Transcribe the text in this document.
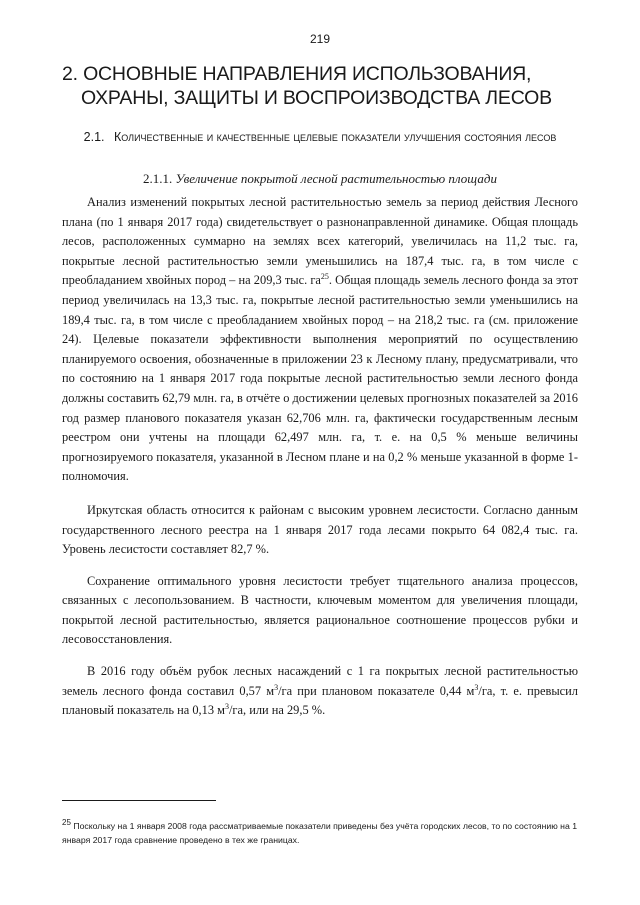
219
2. ОСНОВНЫЕ НАПРАВЛЕНИЯ ИСПОЛЬЗОВАНИЯ,
ОХРАНЫ, ЗАЩИТЫ И ВОСПРОИЗВОДСТВА ЛЕСОВ
2.1. Количественные и качественные целевые показатели улучшения состояния лесов
2.1.1. Увеличение покрытой лесной растительностью площади

Анализ изменений покрытых лесной растительностью земель за период действия Лесного плана (по 1 января 2017 года) свидетельствует о разнонаправленной динамике. Общая площадь лесов, расположенных суммарно на землях всех категорий, увеличилась на 11,2 тыс. га, покрытые лесной растительностью земли уменьшились на 187,4 тыс. га, в том числе с преобладанием хвойных пород – на 209,3 тыс. $га^{25}$. Общая площадь земель лесного фонда за этот период увеличилась на 13,3 тыс. га, покрытые лесной растительностью земли уменьшились на 189,4 тыс. га, в том числе с преобладанием хвойных пород – на 218,2 тыс. га (см. приложение 24). Целевые показатели эффективности выполнения мероприятий по осуществлению планируемого освоения, обозначенные в приложении 23 к Лесному плану, предусматривали, что по состоянию на 1 января 2017 года покрытые лесной растительностью земли лесного фонда должны составить 62,79 млн. га, в отчёте о достижении целевых прогнозных показателей за 2016 год размер планового показателя указан 62,706 млн. га, фактически государственным лесным реестром они учтены на площади 62,497 млн. га, т. е. на 0,5 % меньше величины прогнозируемого показателя, указанной в Лесном плане и на 0,2 % меньше указанной в форме 1-полномочия.

Иркутская область относится к районам с высоким уровнем лесистости. Согласно данным государственного лесного реестра на 1 января 2017 года лесами покрыто 64 082,4 тыс. га. Уровень лесистости составляет 82,7 %.

Сохранение оптимального уровня лесистости требует тщательного анализа процессов, связанных с лесопользованием. В частности, ключевым моментом для увеличения площади, покрытой лесной растительностью, является рациональное соотношение процессов рубки и лесовосстановления.

В 2016 году объём рубок лесных насаждений с 1 га покрытых лесной растительностью земель лесного фонда составил 0,57 $м^3/га$ при плановом показателе 0,44 $м^3/га$, т. е. превысил плановый показатель на 0,13 $м^3/га$, или на 29,5 %.

$^{25}$ Поскольку на 1 января 2008 года рассматриваемые показатели приведены без учёта городских лесов, то по состоянию на 1 января 2017 года сравнение проведено в тех же границах.
